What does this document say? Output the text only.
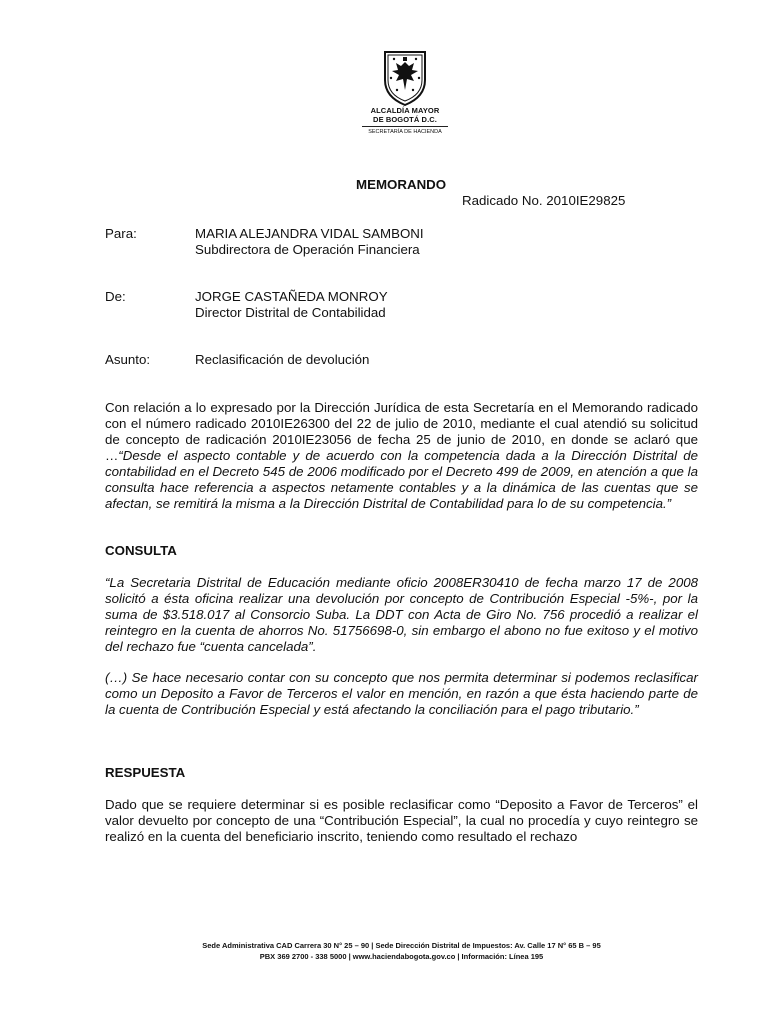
ALCALDÍA MAYOR
DE BOGOTÁ D.C.
SECRETARÍA DE HACIENDA
MEMORANDO
Radicado No. 2010IE29825
Para:	MARIA ALEJANDRA VIDAL SAMBONI
Subdirectora de Operación Financiera
De:	JORGE CASTAÑEDA MONROY
Director Distrital de Contabilidad
Asunto:	Reclasificación de devolución
Con relación a lo expresado por la Dirección Jurídica de esta Secretaría en el Memorando radicado con el número radicado 2010IE26300 del 22 de julio de 2010, mediante el cual atendió su solicitud de concepto de radicación 2010IE23056 de fecha 25 de junio de 2010, en donde se aclaró que …“Desde el aspecto contable y de acuerdo con la competencia dada a la Dirección Distrital de contabilidad en el Decreto 545 de 2006 modificado por el Decreto 499 de 2009, en atención a que la consulta hace referencia a aspectos netamente contables y a la dinámica de las cuentas que se afectan, se remitirá la misma a la Dirección Distrital de Contabilidad para lo de su competencia.”
CONSULTA
“La Secretaria Distrital de Educación mediante oficio 2008ER30410 de fecha marzo 17 de 2008 solicitó a ésta oficina realizar una devolución por concepto de Contribución Especial -5%-, por la suma de $3.518.017 al Consorcio Suba. La DDT con Acta de Giro No. 756 procedió a realizar el reintegro en la cuenta de ahorros No. 51756698-0, sin embargo el abono no fue exitoso y el motivo del rechazo fue “cuenta cancelada”.
(…) Se hace necesario contar con su concepto que nos permita determinar si podemos reclasificar como un Deposito a Favor de Terceros el valor en mención, en razón a que ésta haciendo parte de la cuenta de Contribución Especial y está afectando la conciliación para el pago tributario.”
RESPUESTA
Dado que se requiere determinar si es posible reclasificar como “Deposito a Favor de Terceros” el valor devuelto por concepto de una “Contribución Especial”, la cual no procedía y cuyo reintegro se realizó en la cuenta del beneficiario inscrito, teniendo como resultado el rechazo
Sede Administrativa CAD Carrera 30 N° 25 – 90 | Sede Dirección Distrital de Impuestos: Av. Calle 17 N° 65 B – 95
PBX 369 2700 - 338 5000 | www.haciendabogota.gov.co | Información: Línea 195
